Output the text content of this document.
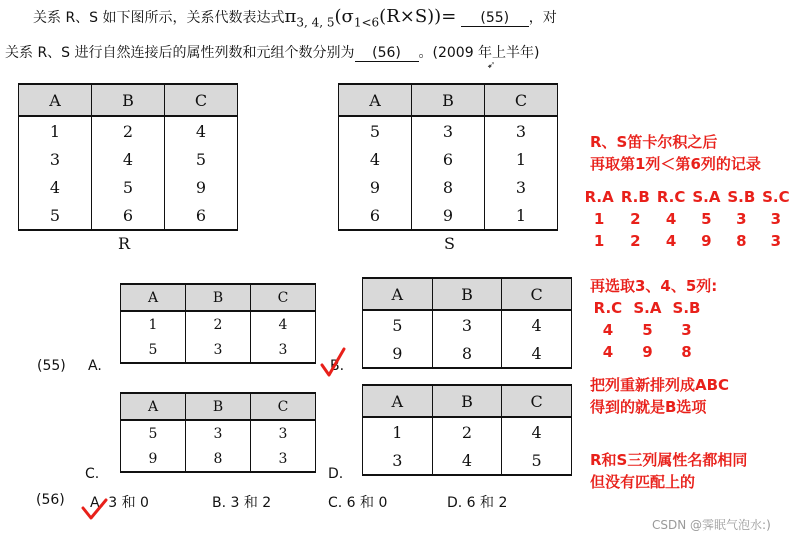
关系 R、S 如下图所示，关系代数表达式$\pi_{3, 4, 5}(\sigma_{1<6}(R\times S))= (55)$ ，对
关系 R、S 进行自然连接后的属性列数和元组个数分别为 (56) 。(2009 年上半年)
➹
A	B	C
1	2	4
3	4	5
4	5	9
5	6	6
R
A	B	C
5	3	3
4	6	1
9	8	3
6	9	1
S
A	B	C
1	2	4
5	3	3
A	B	C
5	3	4
9	8	4
A	B	C
5	3	3
9	8	3
A	B	C
1	2	4
3	4	5
(55) A.	B.
C.	D.
(56) A. 3 和 0	B. 3 和 2	C. 6 和 0	D. 6 和 2
R、S笛卡尔积之后
再取第1列＜第6列的记录
R.A	R.B	R.C	S.A	S.B	S.C
1	2	4	5	3	3
1	2	4	9	8	3
再选取3、4、5列:
R.C	S.A	S.B
4	5	3
4	9	8
把列重新排列成ABC
得到的就是B选项
R和S三列属性名都相同
但没有匹配上的
CSDN @霁眠气泡水:)
